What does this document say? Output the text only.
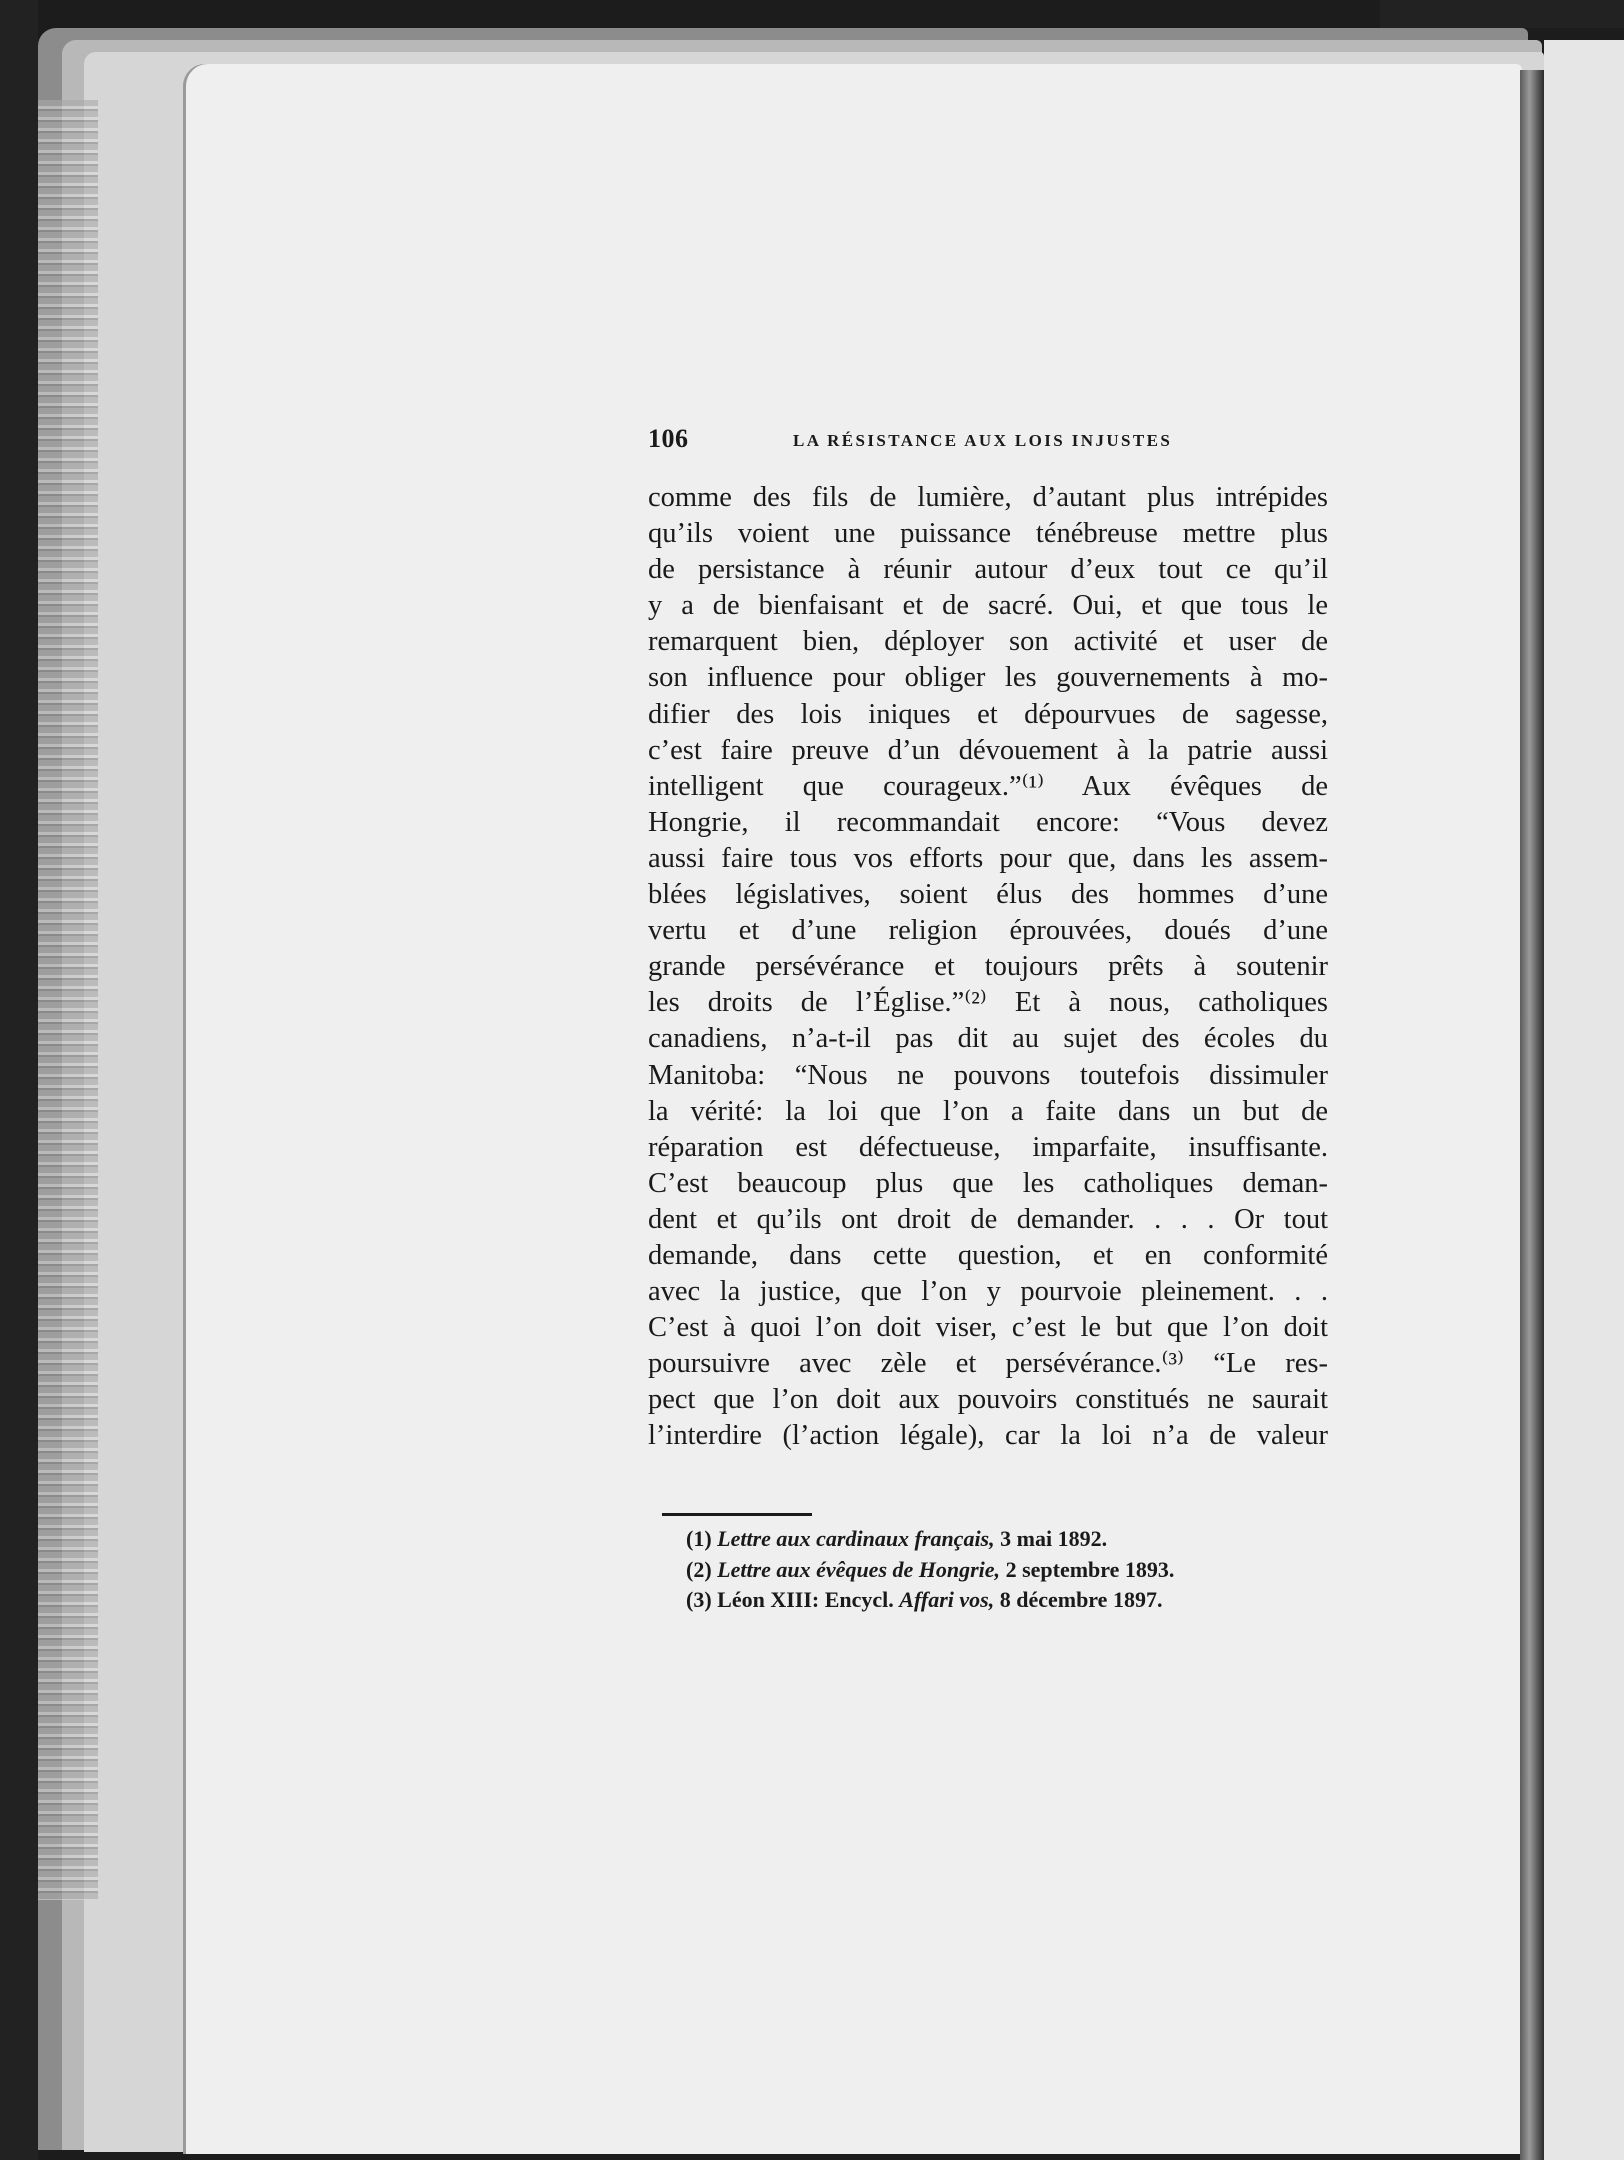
106	LA RÉSISTANCE AUX LOIS INJUSTES
comme des fils de lumière, d’autant plus intrépides
qu’ils voient une puissance ténébreuse mettre plus
de persistance à réunir autour d’eux tout ce qu’il
y a de bienfaisant et de sacré. Oui, et que tous le
remarquent bien, déployer son activité et user de
son influence pour obliger les gouvernements à mo-
difier des lois iniques et dépourvues de sagesse,
c’est faire preuve d’un dévouement à la patrie aussi
intelligent que courageux.”⁽¹⁾ Aux évêques de
Hongrie, il recommandait encore: “Vous devez
aussi faire tous vos efforts pour que, dans les assem-
blées législatives, soient élus des hommes d’une
vertu et d’une religion éprouvées, doués d’une
grande persévérance et toujours prêts à soutenir
les droits de l’Église.”⁽²⁾ Et à nous, catholiques
canadiens, n’a-t-il pas dit au sujet des écoles du
Manitoba: “Nous ne pouvons toutefois dissimuler
la vérité: la loi que l’on a faite dans un but de
réparation est défectueuse, imparfaite, insuffisante.
C’est beaucoup plus que les catholiques deman-
dent et qu’ils ont droit de demander. . . . Or tout
demande, dans cette question, et en conformité
avec la justice, que l’on y pourvoie pleinement. . .
C’est à quoi l’on doit viser, c’est le but que l’on doit
poursuivre avec zèle et persévérance.⁽³⁾ “Le res-
pect que l’on doit aux pouvoirs constitués ne saurait
l’interdire (l’action légale), car la loi n’a de valeur
(1) Lettre aux cardinaux français, 3 mai 1892.
(2) Lettre aux évêques de Hongrie, 2 septembre 1893.
(3) Léon XIII: Encycl. Affari vos, 8 décembre 1897.
